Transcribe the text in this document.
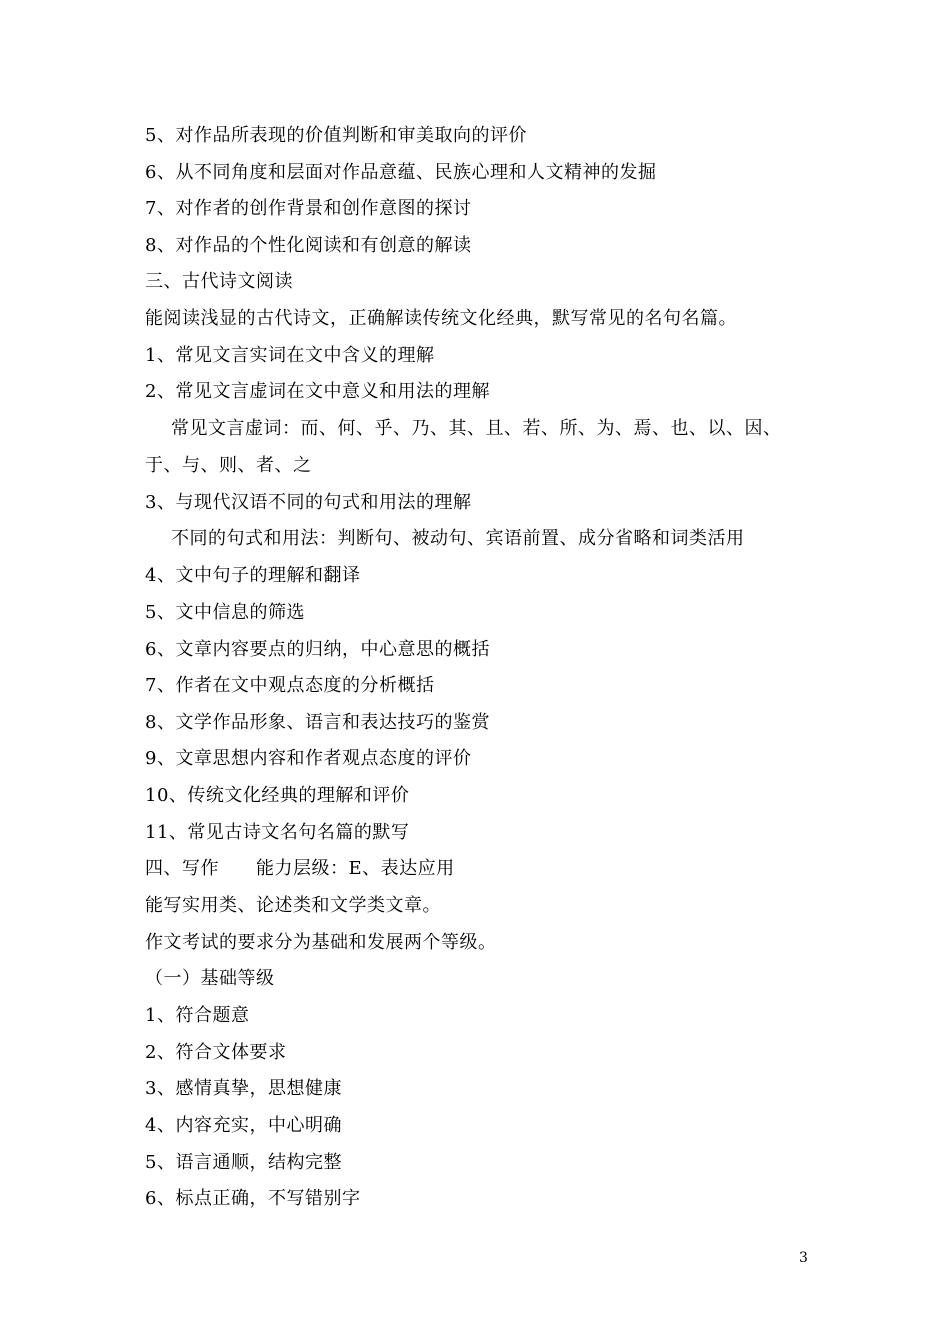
5、对作品所表现的价值判断和审美取向的评价
6、从不同角度和层面对作品意蕴、民族心理和人文精神的发掘
7、对作者的创作背景和创作意图的探讨
8、对作品的个性化阅读和有创意的解读
三、古代诗文阅读
能阅读浅显的古代诗文，正确解读传统文化经典，默写常见的名句名篇。
1、常见文言实词在文中含义的理解
2、常见文言虚词在文中意义和用法的理解
常见文言虚词：而、何、乎、乃、其、且、若、所、为、焉、也、以、因、
于、与、则、者、之
3、与现代汉语不同的句式和用法的理解
不同的句式和用法：判断句、被动句、宾语前置、成分省略和词类活用
4、文中句子的理解和翻译
5、文中信息的筛选
6、文章内容要点的归纳，中心意思的概括
7、作者在文中观点态度的分析概括
8、文学作品形象、语言和表达技巧的鉴赏
9、文章思想内容和作者观点态度的评价
10、传统文化经典的理解和评价
11、常见古诗文名句名篇的默写
四、写作　　能力层级：E、表达应用
能写实用类、论述类和文学类文章。
作文考试的要求分为基础和发展两个等级。
（一）基础等级
1、符合题意
2、符合文体要求
3、感情真挚，思想健康
4、内容充实，中心明确
5、语言通顺，结构完整
6、标点正确，不写错别字
3
